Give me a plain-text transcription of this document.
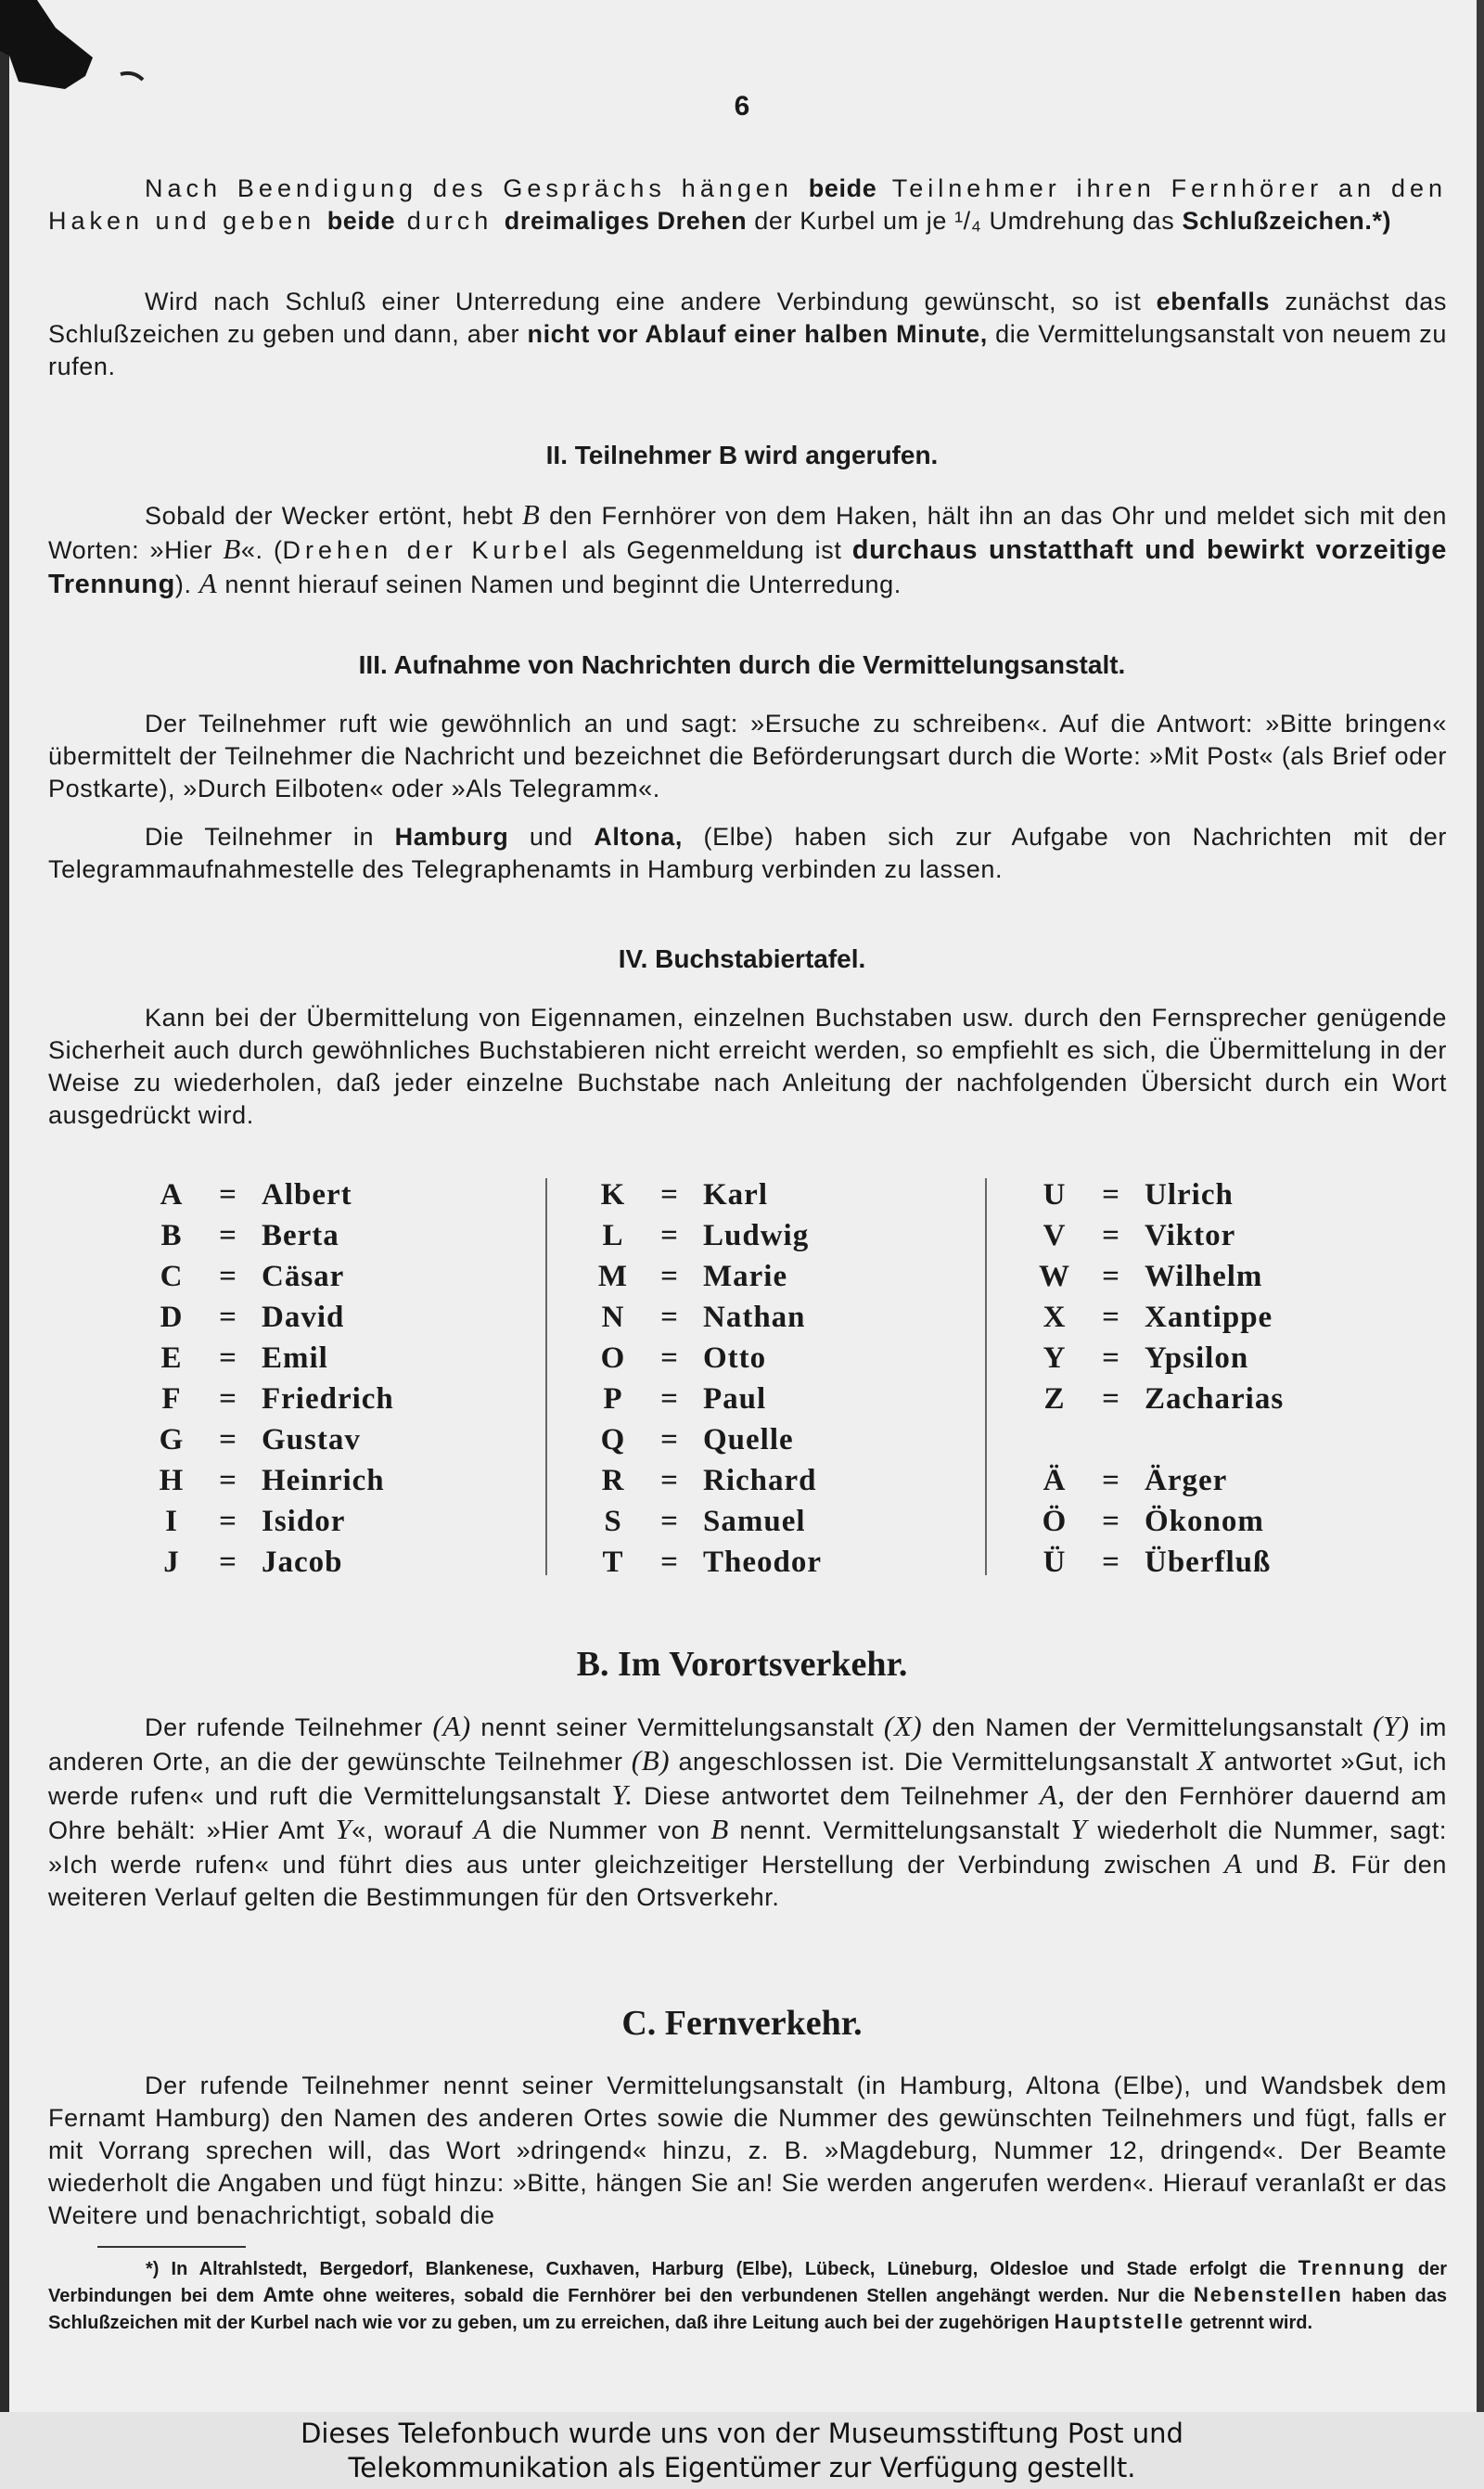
6

Nach Beendigung des Gesprächs hängen beide Teilnehmer ihren Fernhörer an den Haken und geben beide durch dreimaliges Drehen der Kurbel um je ¹/₄ Umdrehung das Schlußzeichen.*)

Wird nach Schluß einer Unterredung eine andere Verbindung gewünscht, so ist ebenfalls zunächst das Schlußzeichen zu geben und dann, aber nicht vor Ablauf einer halben Minute, die Vermittelungsanstalt von neuem zu rufen.

II. Teilnehmer B wird angerufen.

Sobald der Wecker ertönt, hebt B den Fernhörer von dem Haken, hält ihn an das Ohr und meldet sich mit den Worten: »Hier B«. (Drehen der Kurbel als Gegenmeldung ist durchaus unstatthaft und bewirkt vorzeitige Trennung). A nennt hierauf seinen Namen und beginnt die Unterredung.

III. Aufnahme von Nachrichten durch die Vermittelungsanstalt.

Der Teilnehmer ruft wie gewöhnlich an und sagt: »Ersuche zu schreiben«. Auf die Antwort: »Bitte bringen« übermittelt der Teilnehmer die Nachricht und bezeichnet die Beförderungsart durch die Worte: »Mit Post« (als Brief oder Postkarte), »Durch Eilboten« oder »Als Telegramm«.

Die Teilnehmer in Hamburg und Altona, (Elbe) haben sich zur Aufgabe von Nachrichten mit der Telegrammaufnahmestelle des Telegraphenamts in Hamburg verbinden zu lassen.

IV. Buchstabiertafel.

Kann bei der Übermittelung von Eigennamen, einzelnen Buchstaben usw. durch den Fernsprecher genügende Sicherheit auch durch gewöhnliches Buchstabieren nicht erreicht werden, so empfiehlt es sich, die Übermittelung in der Weise zu wiederholen, daß jeder einzelne Buchstabe nach Anleitung der nachfolgenden Übersicht durch ein Wort ausgedrückt wird.

A	= Albert
B	= Berta
C	= Cäsar
D	= David
E	= Emil
F	= Friedrich
G	= Gustav
H	= Heinrich
I	= Isidor
J	= Jacob
K	= Karl
L	= Ludwig
M	= Marie
N	= Nathan
O	= Otto
P	= Paul
Q	= Quelle
R	= Richard
S	= Samuel
T	= Theodor
U	= Ulrich
V	= Viktor
W	= Wilhelm
X	= Xantippe
Y	= Ypsilon
Z	= Zacharias
Ä	= Ärger
Ö	= Ökonom
Ü	= Überfluß
B. Im Vorortsverkehr.

Der rufende Teilnehmer (A) nennt seiner Vermittelungsanstalt (X) den Namen der Vermittelungsanstalt (Y) im anderen Orte, an die der gewünschte Teilnehmer (B) angeschlossen ist. Die Vermittelungsanstalt X antwortet »Gut, ich werde rufen« und ruft die Vermittelungsanstalt Y. Diese antwortet dem Teilnehmer A, der den Fernhörer dauernd am Ohre behält: »Hier Amt Y«, worauf A die Nummer von B nennt. Vermittelungsanstalt Y wiederholt die Nummer, sagt: »Ich werde rufen« und führt dies aus unter gleichzeitiger Herstellung der Verbindung zwischen A und B. Für den weiteren Verlauf gelten die Bestimmungen für den Ortsverkehr.

C. Fernverkehr.

Der rufende Teilnehmer nennt seiner Vermittelungsanstalt (in Hamburg, Altona (Elbe), und Wandsbek dem Fernamt Hamburg) den Namen des anderen Ortes sowie die Nummer des gewünschten Teilnehmers und fügt, falls er mit Vorrang sprechen will, das Wort »dringend« hinzu, z. B. »Magdeburg, Nummer 12, dringend«. Der Beamte wiederholt die Angaben und fügt hinzu: »Bitte, hängen Sie an! Sie werden angerufen werden«. Hierauf veranlaßt er das Weitere und benachrichtigt, sobald die

*) In Altrahlstedt, Bergedorf, Blankenese, Cuxhaven, Harburg (Elbe), Lübeck, Lüneburg, Oldesloe und Stade erfolgt die Trennung der Verbindungen bei dem Amte ohne weiteres, sobald die Fernhörer bei den verbundenen Stellen angehängt werden. Nur die Nebenstellen haben das Schlußzeichen mit der Kurbel nach wie vor zu geben, um zu erreichen, daß ihre Leitung auch bei der zugehörigen Hauptstelle getrennt wird.

Dieses Telefonbuch wurde uns von der Museumsstiftung Post und
Telekommunikation als Eigentümer zur Verfügung gestellt.
